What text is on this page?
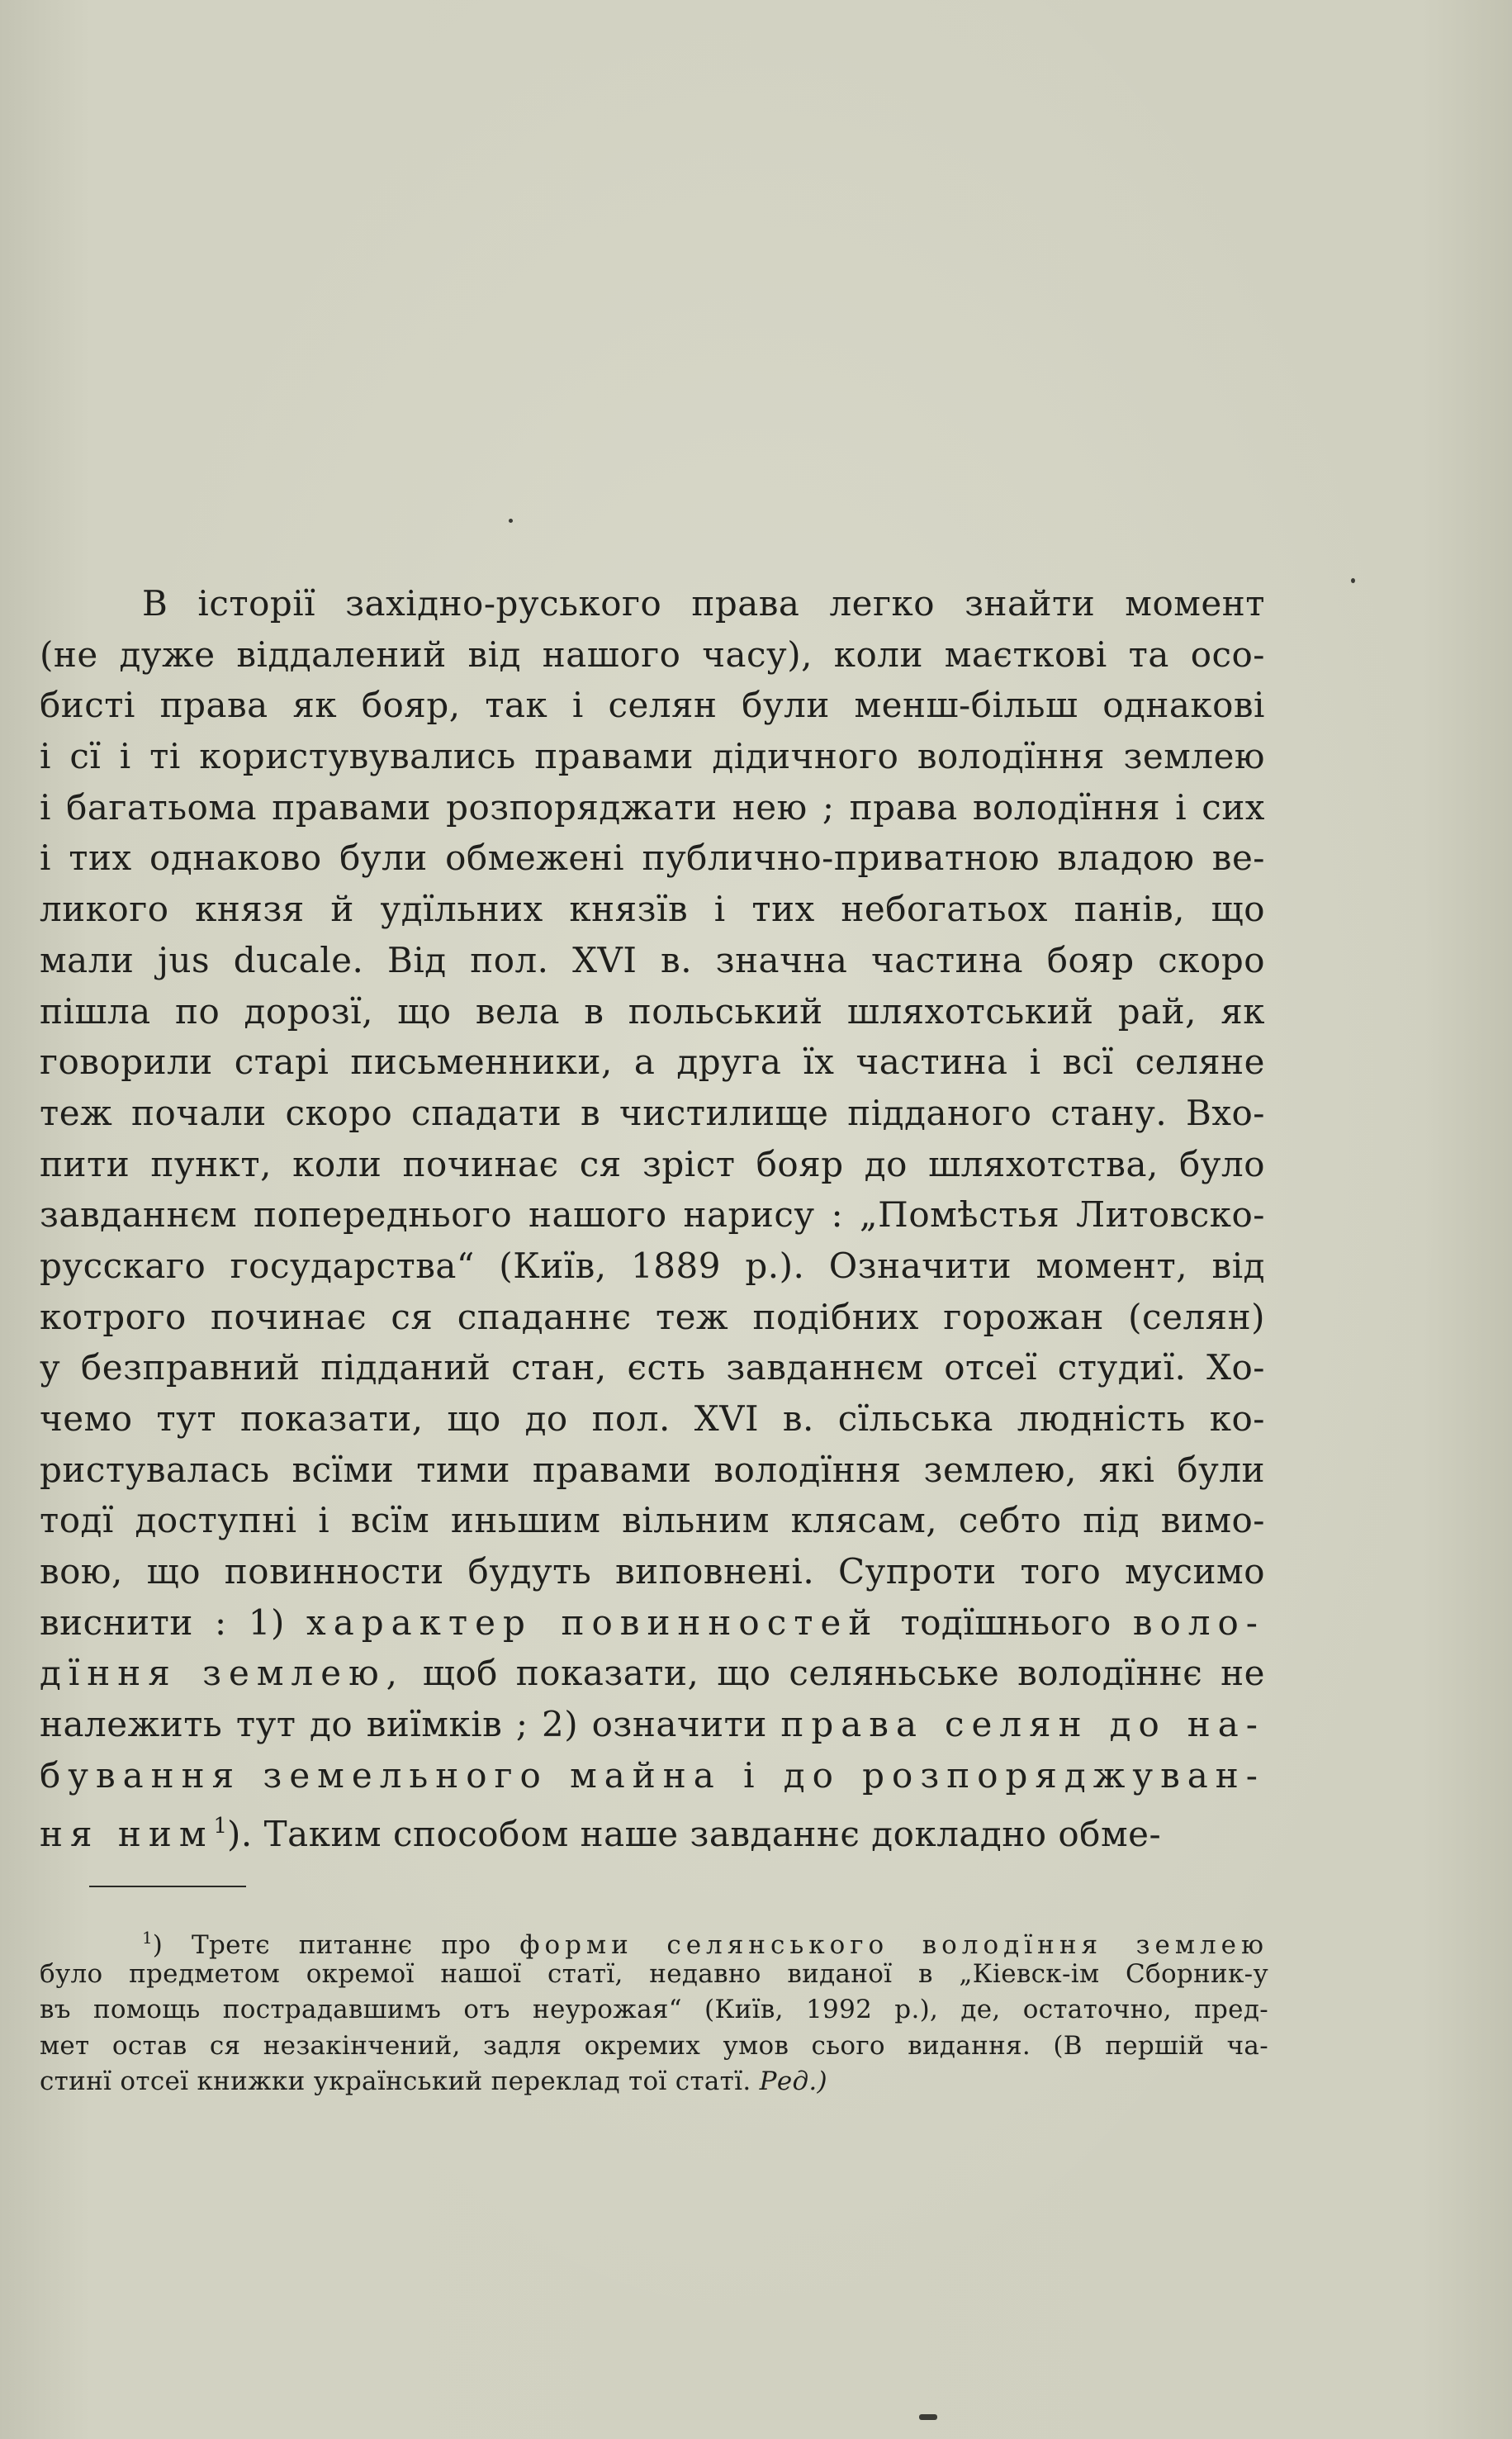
В історії західно-руського права легко знайти момент
(не дуже віддалений від нашого часу), коли маєткові та осо-
бисті права як бояр, так і селян були менш-більш однакові
і сї і ті користувувались правами дідичного володїння землею
і багатьома правами розпоряджати нею ; права володїння і сих
і тих однаково були обмежені публично-приватною владою ве-
ликого князя й удїльних князїв і тих небогатьох панів, що
мали jus ducale. Від пол. XVI в. значна частина бояр скоро
пішла по дорозї, що вела в польський шляхотський рай, як
говорили старі письменники, а друга їх частина і всї селяне
теж почали скоро спадати в чистилище підданого стану. Вхо-
пити пункт, коли починає ся зріст бояр до шляхотства, було
завданнєм попереднього нашого нарису : „Помѣстья Литовско-
русскаго государства“ (Київ, 1889 р.). Означити момент, від
котрого починає ся спаданнє теж подібних горожан (селян)
у безправний підданий стан, єсть завданнєм отсеї студиї. Хо-
чемо тут показати, що до пол. XVI в. сїльська людність ко-
ристувалась всїми тими правами володїння землею, які були
тодї доступні і всїм иньшим вільним клясам, себто під вимо-
вою, що повинности будуть виповнені. Супроти того мусимо
виснити : 1) характер повинностей тодїшнього воло-
дїння землею, щоб показати, що селяньське володїннє не
належить тут до виїмків ; 2) означити права селян до на-
бування земельного майна і до розпоряджуван-
ня ним$^1$). Таким способом наше завданнє докладно обме-
$^1$) Третє питаннє про форми селянського володїння землею
було предметом окремої нашої статї, недавно виданої в „Кіевск-ім Сборник-у
въ помощь пострадавшимъ отъ неурожая“ (Київ, 1992 р.), де, остаточно, пред-
мет остав ся незакінчений, задля окремих умов сього видання. (В першій ча-
стинї отсеї книжки український переклад тої статї. Ред.)
